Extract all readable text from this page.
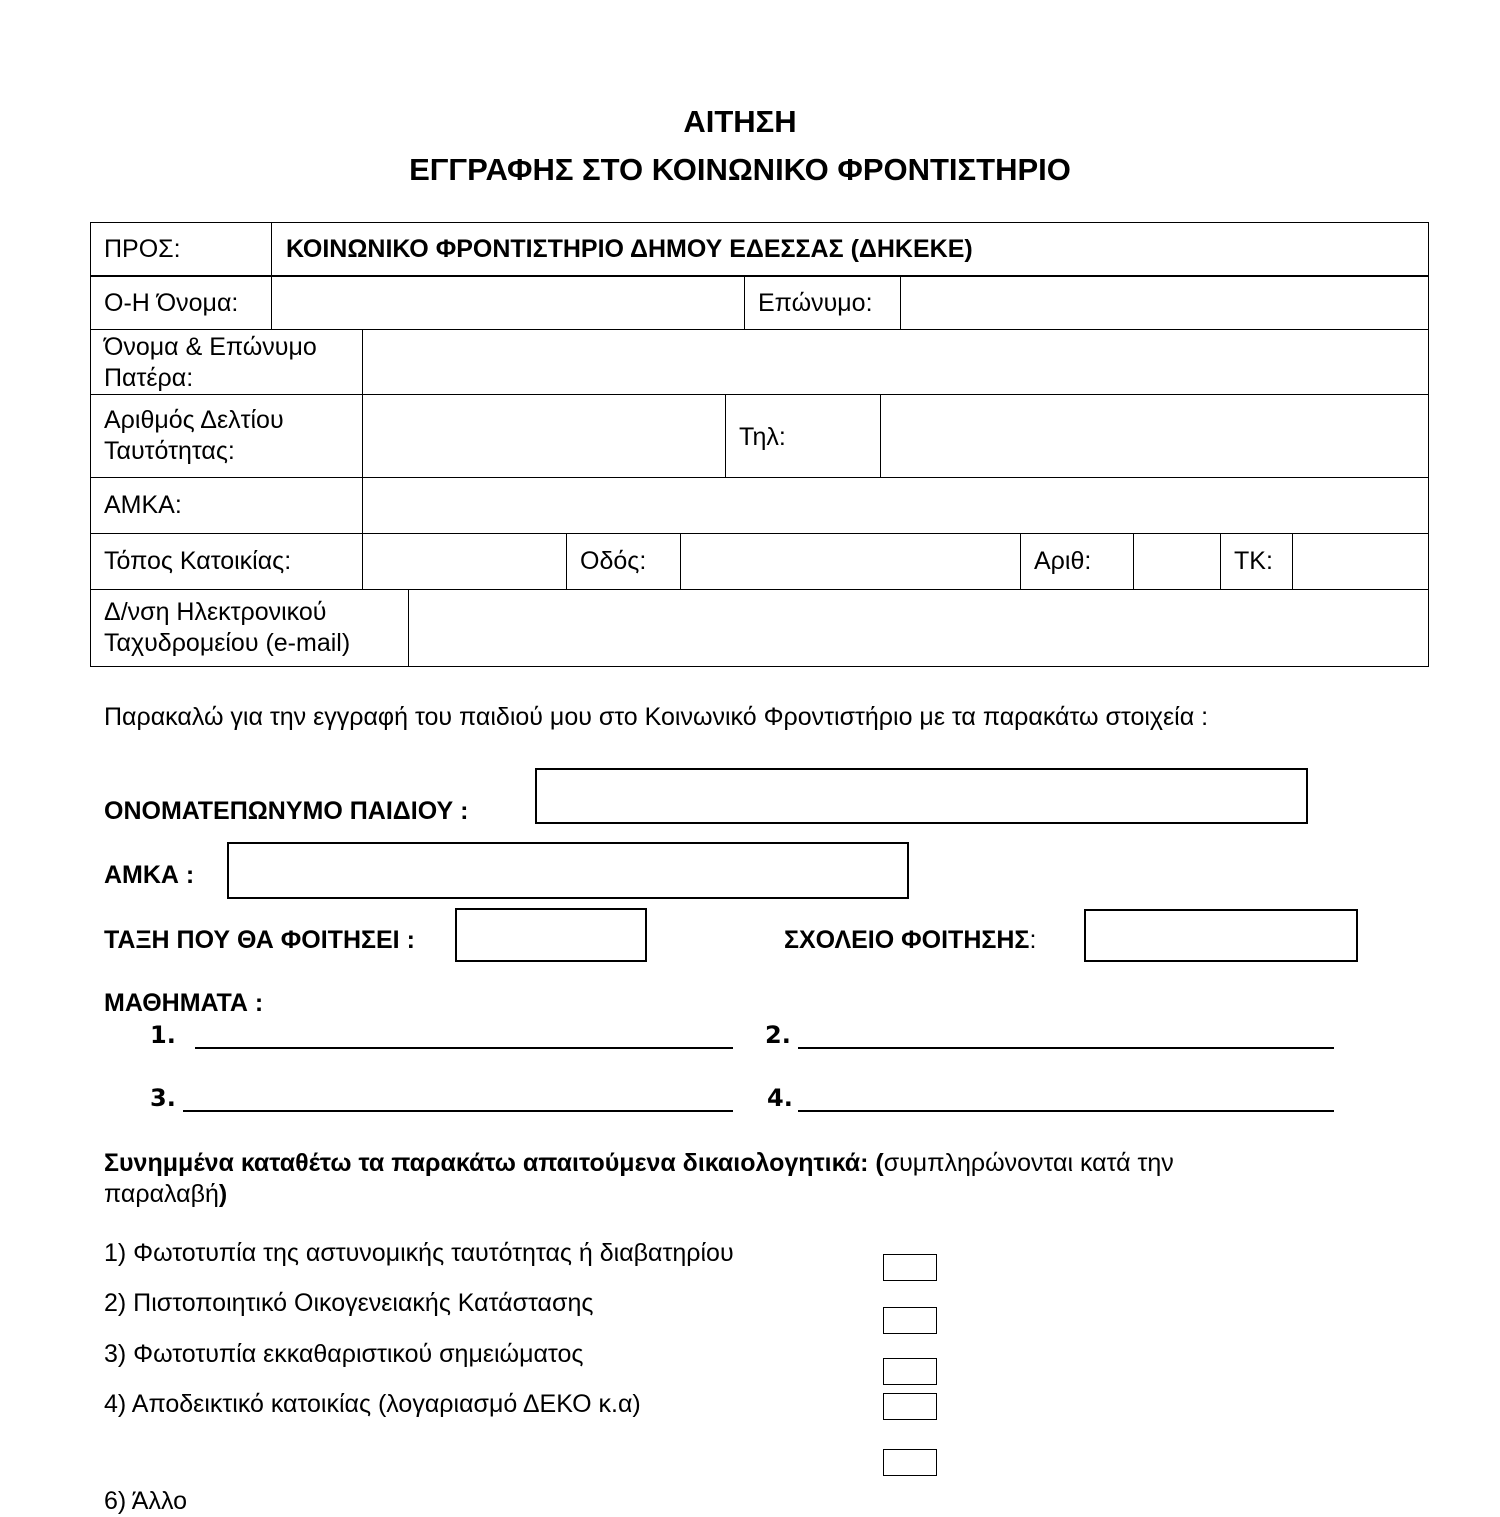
ΑΙΤΗΣΗ
ΕΓΓΡΑΦΗΣ ΣΤΟ ΚΟΙΝΩΝΙΚΟ ΦΡΟΝΤΙΣΤΗΡΙΟ
ΠΡΟΣ:	ΚΟΙΝΩΝΙΚΟ ΦΡΟΝΤΙΣΤΗΡΙΟ ΔΗΜΟΥ ΕΔΕΣΣΑΣ (ΔΗΚΕΚΕ)
Ο-Η Όνομα:	Επώνυμο:
Όνομα & Επώνυμο
Πατέρα:
Αριθμός Δελτίου
Ταυτότητας:	Τηλ:
ΑΜΚΑ:
Τόπος Κατοικίας:	Οδός:	Αριθ:	ΤΚ:
Δ/νση Ηλεκτρονικού
Ταχυδρομείου (e-mail)
Παρακαλώ για την εγγραφή του παιδιού μου στο Κοινωνικό Φροντιστήριο με τα παρακάτω στοιχεία :
ΟΝΟΜΑΤΕΠΩΝΥΜΟ ΠΑΙΔΙΟΥ :
ΑΜΚΑ :
ΤΑΞΗ ΠΟΥ ΘΑ ΦΟΙΤΗΣΕΙ :	ΣΧΟΛΕΙΟ ΦΟΙΤΗΣΗΣ:
ΜΑΘΗΜΑΤΑ :
1.	2.
3.	4.
Συνημμένα καταθέτω τα παρακάτω απαιτούμενα δικαιολογητικά: (συμπληρώνονται κατά την
παραλαβή)
1) Φωτοτυπία της αστυνομικής ταυτότητας ή διαβατηρίου
2) Πιστοποιητικό Οικογενειακής Κατάστασης
3) Φωτοτυπία εκκαθαριστικού σημειώματος
4) Αποδεικτικό κατοικίας (λογαριασμό ΔΕΚΟ κ.α)
6) Άλλο
